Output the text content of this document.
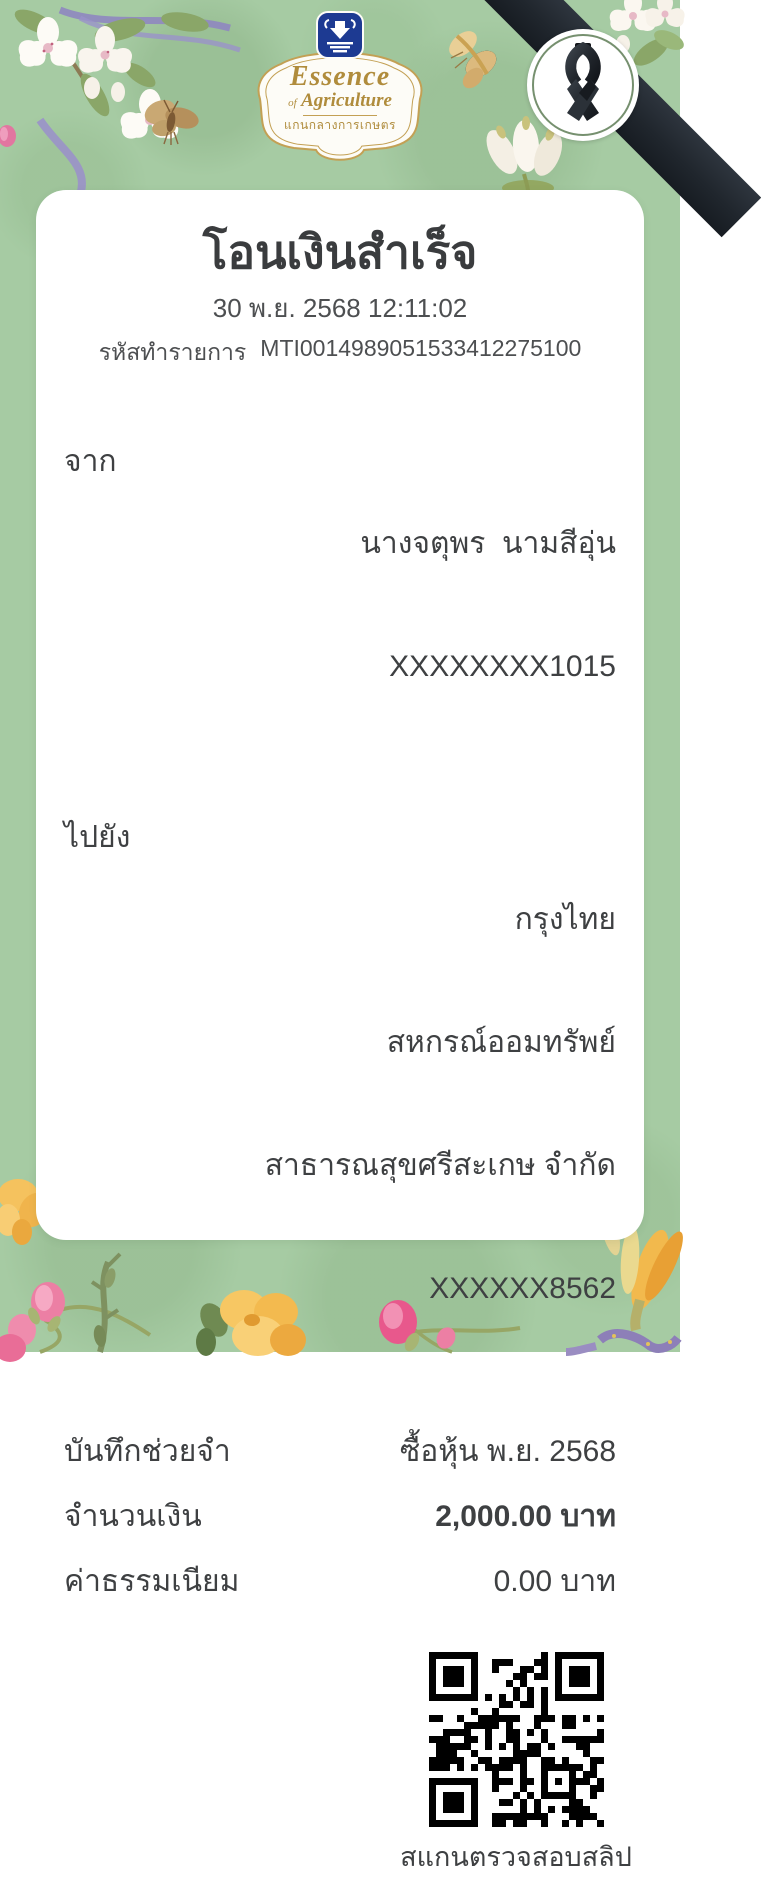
Essence
of Agriculture
แกนกลางการเกษตร
โอนเงินสำเร็จ
30 พ.ย. 2568 12:11:02
รหัสทำรายการ MTI0014989051533412275100
จาก

นางจตุพร  นามสีอุ่น

XXXXXXXX1015

ไปยัง

กรุงไทย

สหกรณ์ออมทรัพย์

สาธารณสุขศรีสะเกษ จำกัด

XXXXXX8562

บันทึกช่วยจำ	ซื้อหุ้น พ.ย. 2568
จำนวนเงิน	2,000.00 บาท
ค่าธรรมเนียม	0.00 บาท
สแกนตรวจสอบสลิป
